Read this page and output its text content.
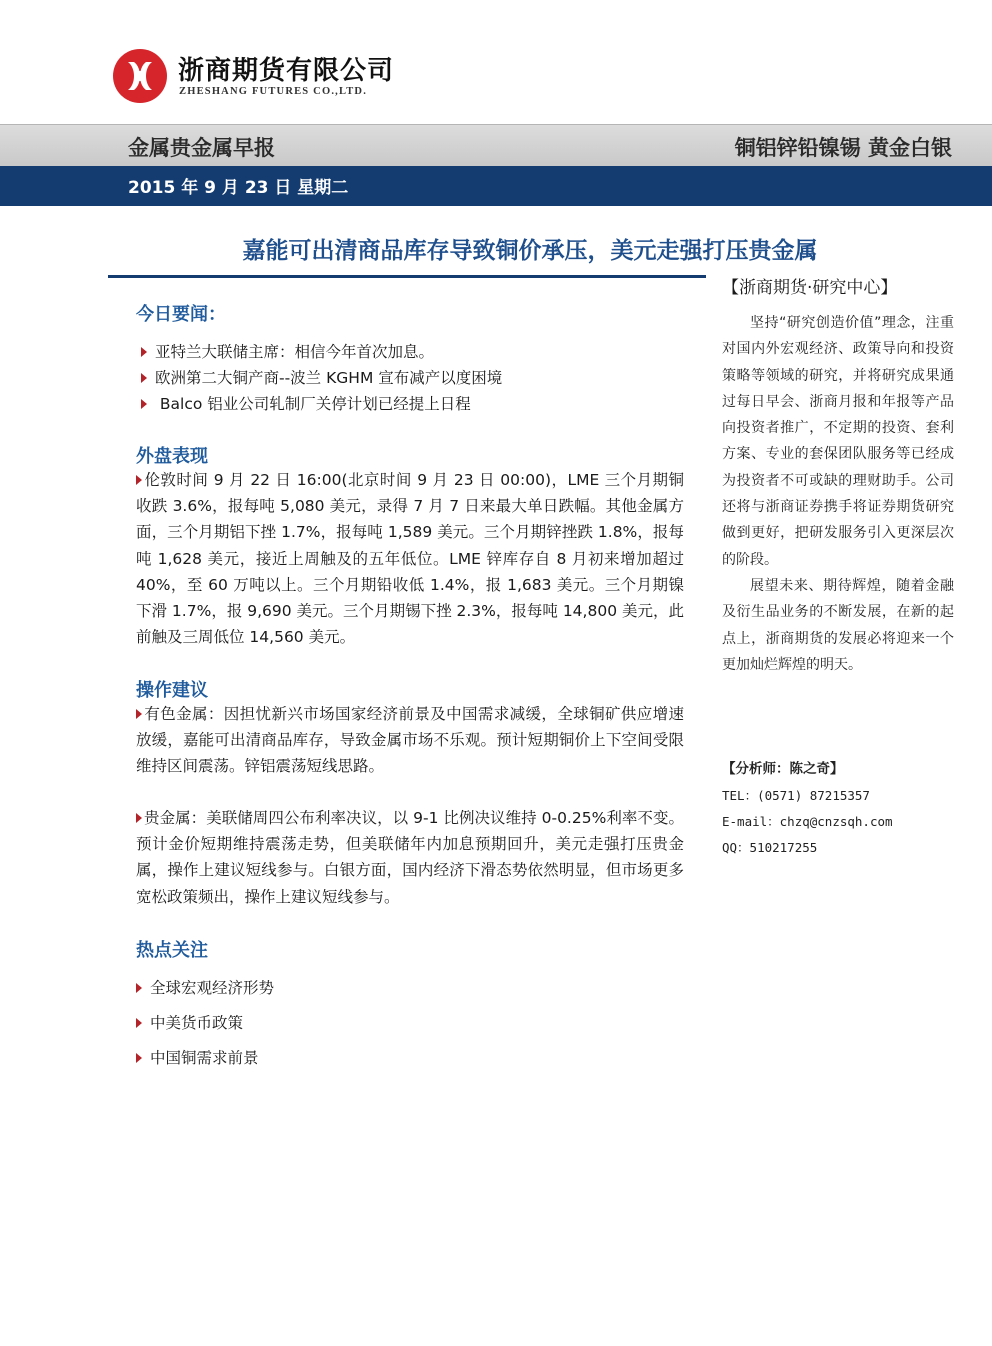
浙商期货有限公司
ZHESHANG FUTURES CO.,LTD.
金属贵金属早报	铜铝锌铅镍锡 黄金白银
2015 年 9 月 23 日 星期二
嘉能可出清商品库存导致铜价承压，美元走强打压贵金属
【浙商期货·研究中心】
今日要闻：
亚特兰大联储主席：相信今年首次加息。
欧洲第二大铜产商--波兰 KGHM 宣布减产以度困境
Balco 铝业公司轧制厂关停计划已经提上日程
外盘表现
伦敦时间 9 月 22 日 16:00(北京时间 9 月 23 日 00:00)，LME 三个月期铜收跌 3.6%，报每吨 5,080 美元，录得 7 月 7 日来最大单日跌幅。其他金属方面，三个月期铝下挫 1.7%，报每吨 1,589 美元。三个月期锌挫跌 1.8%，报每吨 1,628 美元，接近上周触及的五年低位。LME 锌库存自 8 月初来增加超过 40%，至 60 万吨以上。三个月期铅收低 1.4%，报 1,683 美元。三个月期镍下滑 1.7%，报 9,690 美元。三个月期锡下挫 2.3%，报每吨 14,800 美元，此前触及三周低位 14,560 美元。
操作建议
有色金属：因担忧新兴市场国家经济前景及中国需求减缓，全球铜矿供应增速放缓，嘉能可出清商品库存，导致金属市场不乐观。预计短期铜价上下空间受限维持区间震荡。锌铝震荡短线思路。
贵金属：美联储周四公布利率决议，以 9-1 比例决议维持 0-0.25%利率不变。预计金价短期维持震荡走势，但美联储年内加息预期回升，美元走强打压贵金属，操作上建议短线参与。白银方面，国内经济下滑态势依然明显，但市场更多宽松政策频出，操作上建议短线参与。
热点关注
全球宏观经济形势
中美货币政策
中国铜需求前景

坚持“研究创造价值”理念，注重对国内外宏观经济、政策导向和投资策略等领域的研究，并将研究成果通过每日早会、浙商月报和年报等产品向投资者推广，不定期的投资、套利方案、专业的套保团队服务等已经成为投资者不可或缺的理财助手。公司还将与浙商证券携手将证券期货研究做到更好，把研发服务引入更深层次的阶段。

展望未来、期待辉煌，随着金融及衍生品业务的不断发展，在新的起点上，浙商期货的发展必将迎来一个更加灿烂辉煌的明天。

【分析师：陈之奇】
TEL：(0571) 87215357
E-mail：chzq@cnzsqh.com
QQ：510217255
